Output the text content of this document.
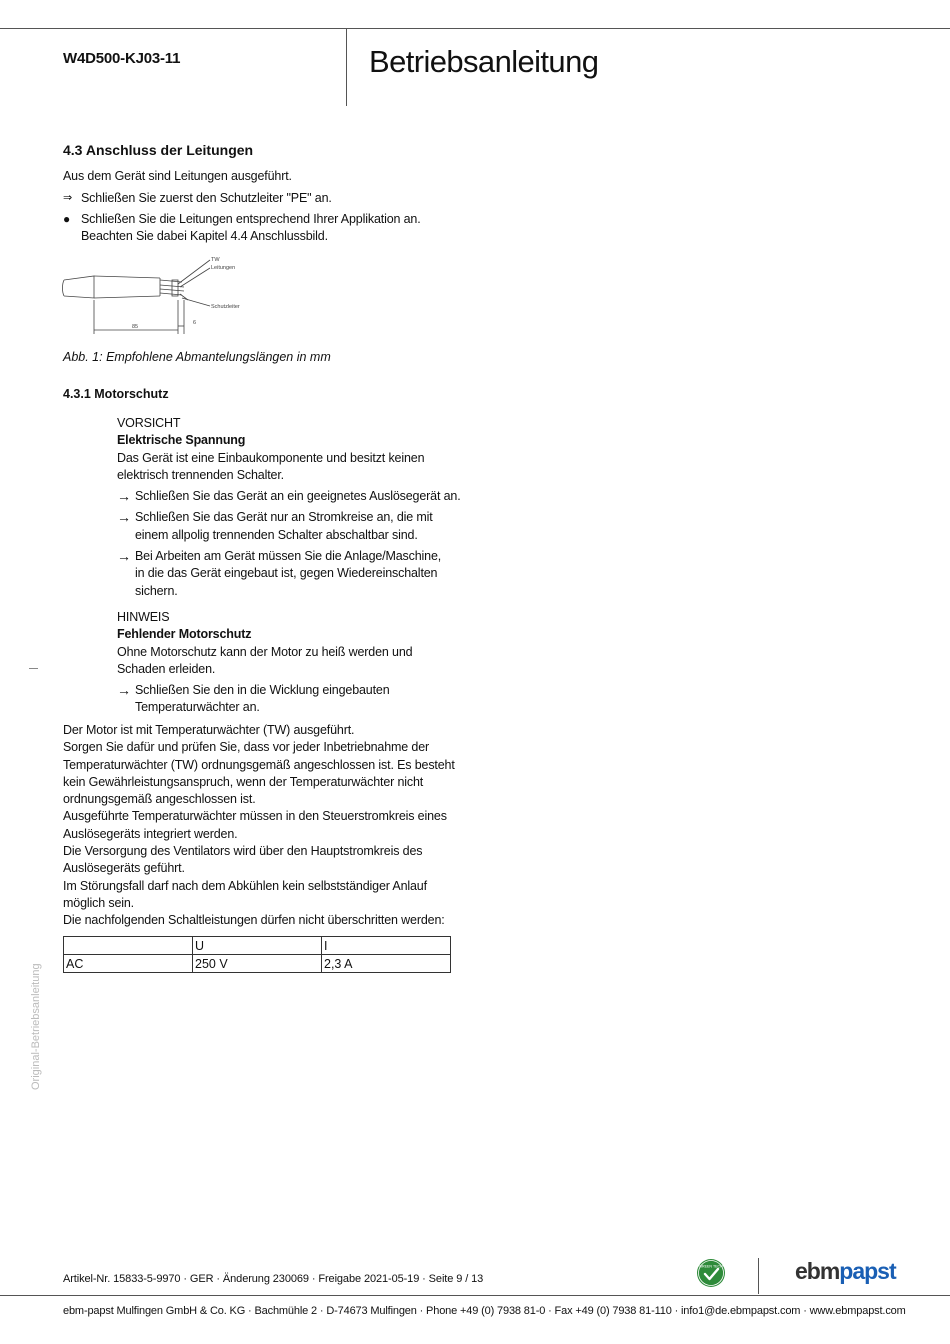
W4D500-KJ03-11	Betriebsanleitung
4.3 Anschluss der Leitungen
Aus dem Gerät sind Leitungen ausgeführt.
⇒ Schließen Sie zuerst den Schutzleiter "PE" an.
● Schließen Sie die Leitungen entsprechend Ihrer Applikation an.
Beachten Sie dabei Kapitel 4.4 Anschlussbild.
TW
Leitungen
Schutzleiter
85
6
Abb. 1: Empfohlene Abmantelungslängen in mm
4.3.1 Motorschutz
VORSICHT
Elektrische Spannung
Das Gerät ist eine Einbaukomponente und besitzt keinen
elektrisch trennenden Schalter.
→ Schließen Sie das Gerät an ein geeignetes Auslösegerät an.
→ Schließen Sie das Gerät nur an Stromkreise an, die mit
einem allpolig trennenden Schalter abschaltbar sind.
→ Bei Arbeiten am Gerät müssen Sie die Anlage/Maschine,
in die das Gerät eingebaut ist, gegen Wiedereinschalten
sichern.
HINWEIS
Fehlender Motorschutz
Ohne Motorschutz kann der Motor zu heiß werden und
Schaden erleiden.
→ Schließen Sie den in die Wicklung eingebauten
Temperaturwächter an.
Der Motor ist mit Temperaturwächter (TW) ausgeführt.
Sorgen Sie dafür und prüfen Sie, dass vor jeder Inbetriebnahme der
Temperaturwächter (TW) ordnungsgemäß angeschlossen ist. Es besteht
kein Gewährleistungsanspruch, wenn der Temperaturwächter nicht
ordnungsgemäß angeschlossen ist.
Ausgeführte Temperaturwächter müssen in den Steuerstromkreis eines
Auslösegeräts integriert werden.
Die Versorgung des Ventilators wird über den Hauptstromkreis des
Auslösegeräts geführt.
Im Störungsfall darf nach dem Abkühlen kein selbstständiger Anlauf
möglich sein.
Die nachfolgenden Schaltleistungen dürfen nicht überschritten werden:
	U	I
AC	250 V	2,3 A
Original-Betriebsanleitung
Artikel-Nr. 15833-5-9970 · GER · Änderung 230069 · Freigabe 2021-05-19 · Seite 9 / 13
GREEN TECH	ebmpapst
ebm-papst Mulfingen GmbH & Co. KG · Bachmühle 2 · D-74673 Mulfingen · Phone +49 (0) 7938 81-0 · Fax +49 (0) 7938 81-110 · info1@de.ebmpapst.com · www.ebmpapst.com
